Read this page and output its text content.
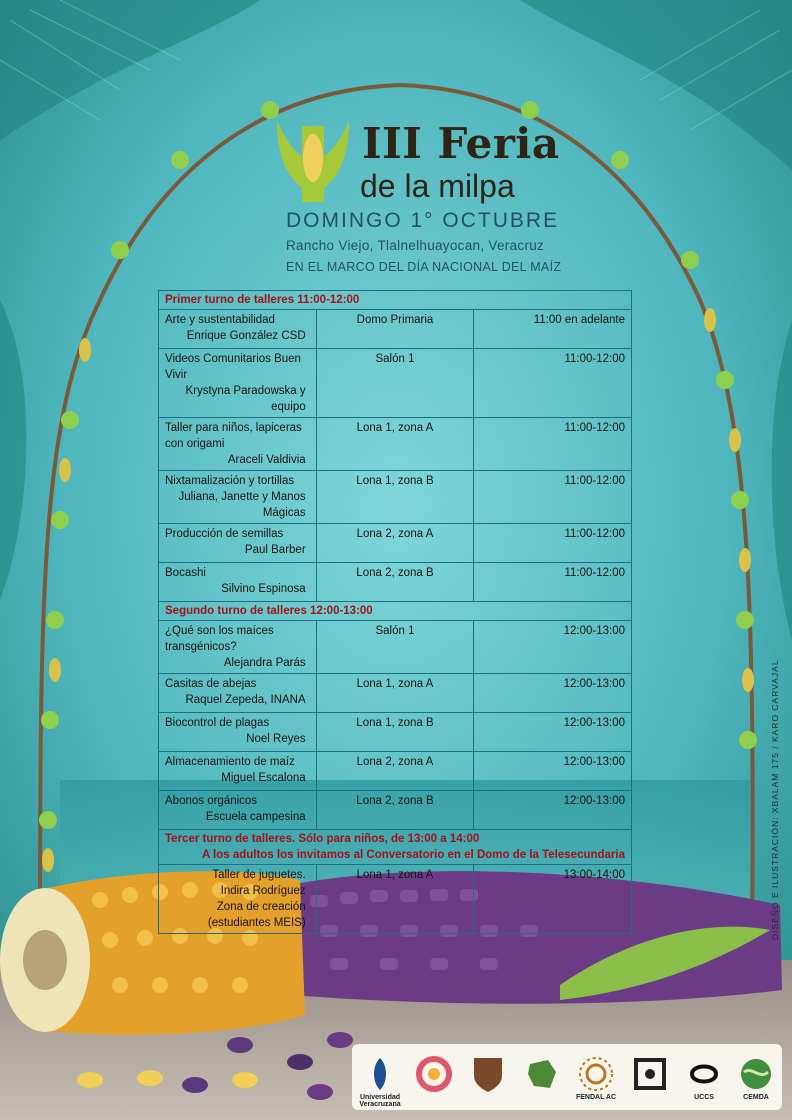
III Feria
de la milpa
DOMINGO 1° OCTUBRE
Rancho Viejo, Tlalnelhuayocan, Veracruz
EN EL MARCO DEL DÍA NACIONAL DEL MAÍZ
Primer turno de talleres 11:00-12:00		

Arte y sustentabilidad
Enrique González CSD	Domo Primaria	11:00 en adelante

Videos Comunitarios Buen Vivir
Krystyna Paradowska y equipo	Salón 1	11:00-12:00

Taller para niños, lapiceras con origami
Araceli Valdivia	Lona 1, zona A	11:00-12:00

Nixtamalización y tortillas
Juliana, Janette y Manos Mágicas	Lona 1, zona B	11:00-12:00

Producción de semillas
Paul Barber	Lona 2, zona A	11:00-12:00

Bocashi
Silvino Espinosa	Lona 2, zona B	11:00-12:00

Segundo turno de talleres 12:00-13:00		

¿Qué son los maíces transgénicos?
Alejandra Parás	Salón 1	12:00-13:00

Casitas de abejas
Raquel Zepeda, INANA	Lona 1, zona A	12:00-13:00

Biocontrol de plagas
Noel Reyes	Lona 1, zona B	12:00-13:00

Almacenamiento de maíz
Miguel Escalona	Lona 2, zona A	12:00-13:00

Abonos orgánicos
Escuela campesina	Lona 2, zona B	12:00-13:00

Tercer turno de talleres. Sólo para niños, de 13:00 a 14:00
A los adultos los invitamos al Conversatorio en el Domo de la Telesecundaria		

Taller de juguetes.
Indira Rodríguez
Zona de creación (estudiantes MEIS)	Lona 1, zona A	13:00-14:00	DISEÑO E ILUSTRACIÓN: XBALAM 175 / KARO CARVAJAL
Universidad Veracruzana
FENDAL AC	UCCS	CEMDA
